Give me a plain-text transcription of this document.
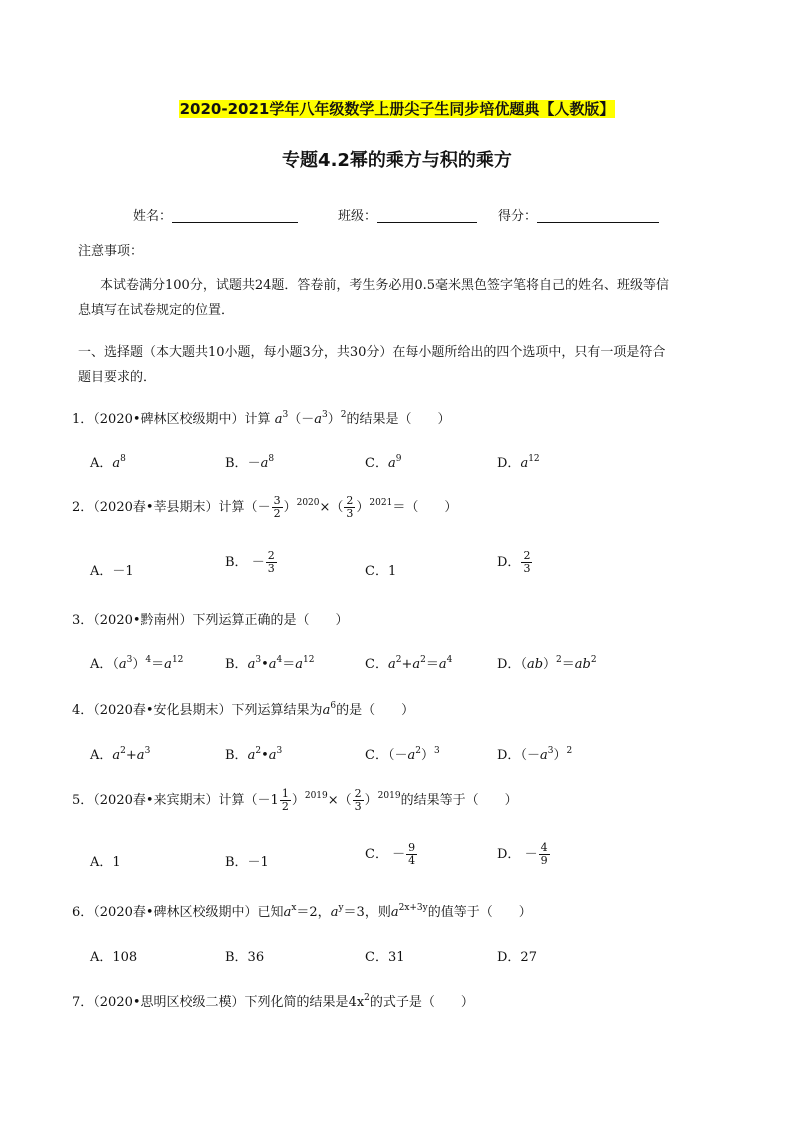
2020-2021学年八年级数学上册尖子生同步培优题典【人教版】
专题4.2幂的乘方与积的乘方
姓名：	班级：	得分：
注意事项：
本试卷满分100分，试题共24题．答卷前，考生务必用0.5毫米黑色签字笔将自己的姓名、班级等信
息填写在试卷规定的位置．
一、选择题（本大题共10小题，每小题3分，共30分）在每小题所给出的四个选项中，只有一项是符合
题目要求的．
1．（2020•碑林区校级期中）计算 $a^3(-a^3)^2$的结果是（　　）
A．$a^8$	B．$-a^8$	C．$a^9$	D．$a^{12}$
2．（2020春•莘县期末）计算（－ $\frac{3}{2} )^{2020}\times( \frac{2}{3} )^{2021}=$（　　）
A．－1
B． － $\frac{2}{3}$	C．1
D． $\frac{2}{3}$
3．（2020•黔南州）下列运算正确的是（　　）
A．$(a^3)^4=a^{12}$	B．$a^3•a^4=a^{12}$	C．$a^2+a^2=a^4$	D．$(ab)^2=ab^2$
4．（2020春•安化县期末）下列运算结果为$a^6$的是（　　）
A．$a^2+a^3$	B．$a^2•a^3$	C．$(-a^2)^3$	D．$(-a^3)^2$
5．（2020春•来宾期末）计算$(-1 \frac{1}{2} )^{2019}\times( \frac{2}{3} )^{2019}$的结果等于（　　）
A．1	B．－1
C． － $\frac{9}{4}$	D． － $\frac{4}{9}$
6．（2020春•碑林区校级期中）已知$a^x=2$，$a^y=3$，则$a^{2x+3y}$的值等于（　　）
A．108	B．36	C．31	D．27
7．（2020•思明区校级二模）下列化简的结果是$4x^2$的式子是（　　）
